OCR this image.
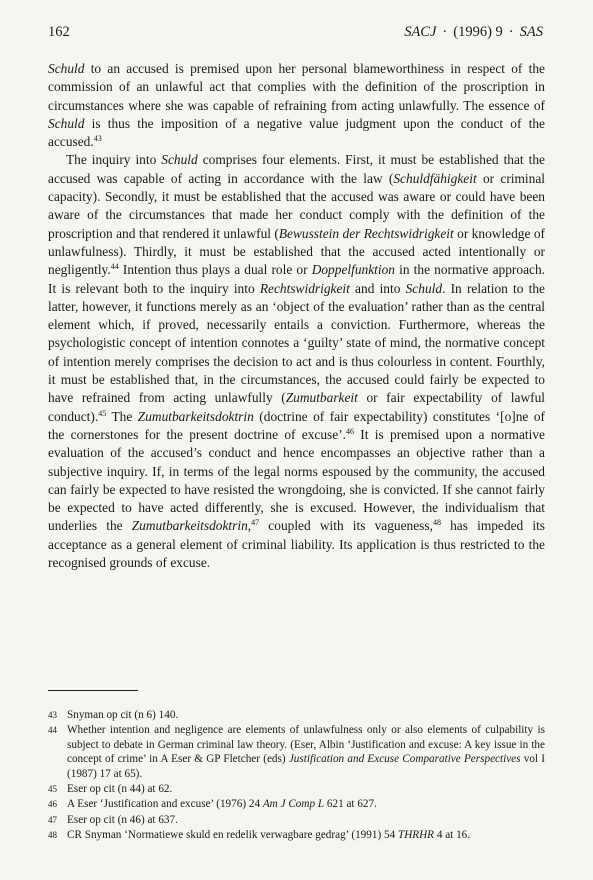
162	SACJ · (1996) 9 · SAS

Schuld to an accused is premised upon her personal blameworthiness in respect of the commission of an unlawful act that complies with the definition of the proscription in circumstances where she was capable of refraining from acting unlawfully. The essence of Schuld is thus the imposition of a negative value judgment upon the conduct of the accused.$^{43}$

The inquiry into Schuld comprises four elements. First, it must be established that the accused was capable of acting in accordance with the law (Schuldfähigkeit or criminal capacity). Secondly, it must be established that the accused was aware or could have been aware of the circumstances that made her conduct comply with the definition of the proscription and that rendered it unlawful (Bewusstein der Rechtswidrigkeit or knowledge of unlawfulness). Thirdly, it must be established that the accused acted intentionally or negligently.$^{44}$ Intention thus plays a dual role or Doppelfunktion in the normative approach. It is relevant both to the inquiry into Rechtswidrigkeit and into Schuld. In relation to the latter, however, it functions merely as an ‘object of the evaluation’ rather than as the central element which, if proved, necessarily entails a conviction. Furthermore, whereas the psychologistic concept of intention connotes a ‘guilty’ state of mind, the normative concept of intention merely comprises the decision to act and is thus colourless in content. Fourthly, it must be established that, in the circumstances, the accused could fairly be expected to have refrained from acting unlawfully (Zumutbarkeit or fair expectability of lawful conduct).$^{45}$ The Zumutbarkeitsdoktrin (doctrine of fair expectability) constitutes ‘[o]ne of the cornerstones for the present doctrine of excuse’.$^{46}$ It is premised upon a normative evaluation of the accused’s conduct and hence encompasses an objective rather than a subjective inquiry. If, in terms of the legal norms espoused by the community, the accused can fairly be expected to have resisted the wrongdoing, she is convicted. If she cannot fairly be expected to have acted differently, she is excused. However, the individualism that underlies the Zumutbarkeitsdoktrin,$^{47}$ coupled with its vagueness,$^{48}$ has impeded its acceptance as a general element of criminal liability. Its application is thus restricted to the recognised grounds of excuse.

43 Snyman op cit (n 6) 140.
44 Whether intention and negligence are elements of unlawfulness only or also elements of culpability is subject to debate in German criminal law theory. (Eser, Albin ‘Justification and excuse: A key issue in the concept of crime’ in A Eser & GP Fletcher (eds) Justification and Excuse Comparative Perspectives vol I (1987) 17 at 65).
45 Eser op cit (n 44) at 62.
46 A Eser ‘Justification and excuse’ (1976) 24 Am J Comp L 621 at 627.
47 Eser op cit (n 46) at 637.
48 CR Snyman ‘Normatiewe skuld en redelik verwagbare gedrag’ (1991) 54 THRHR 4 at 16.
